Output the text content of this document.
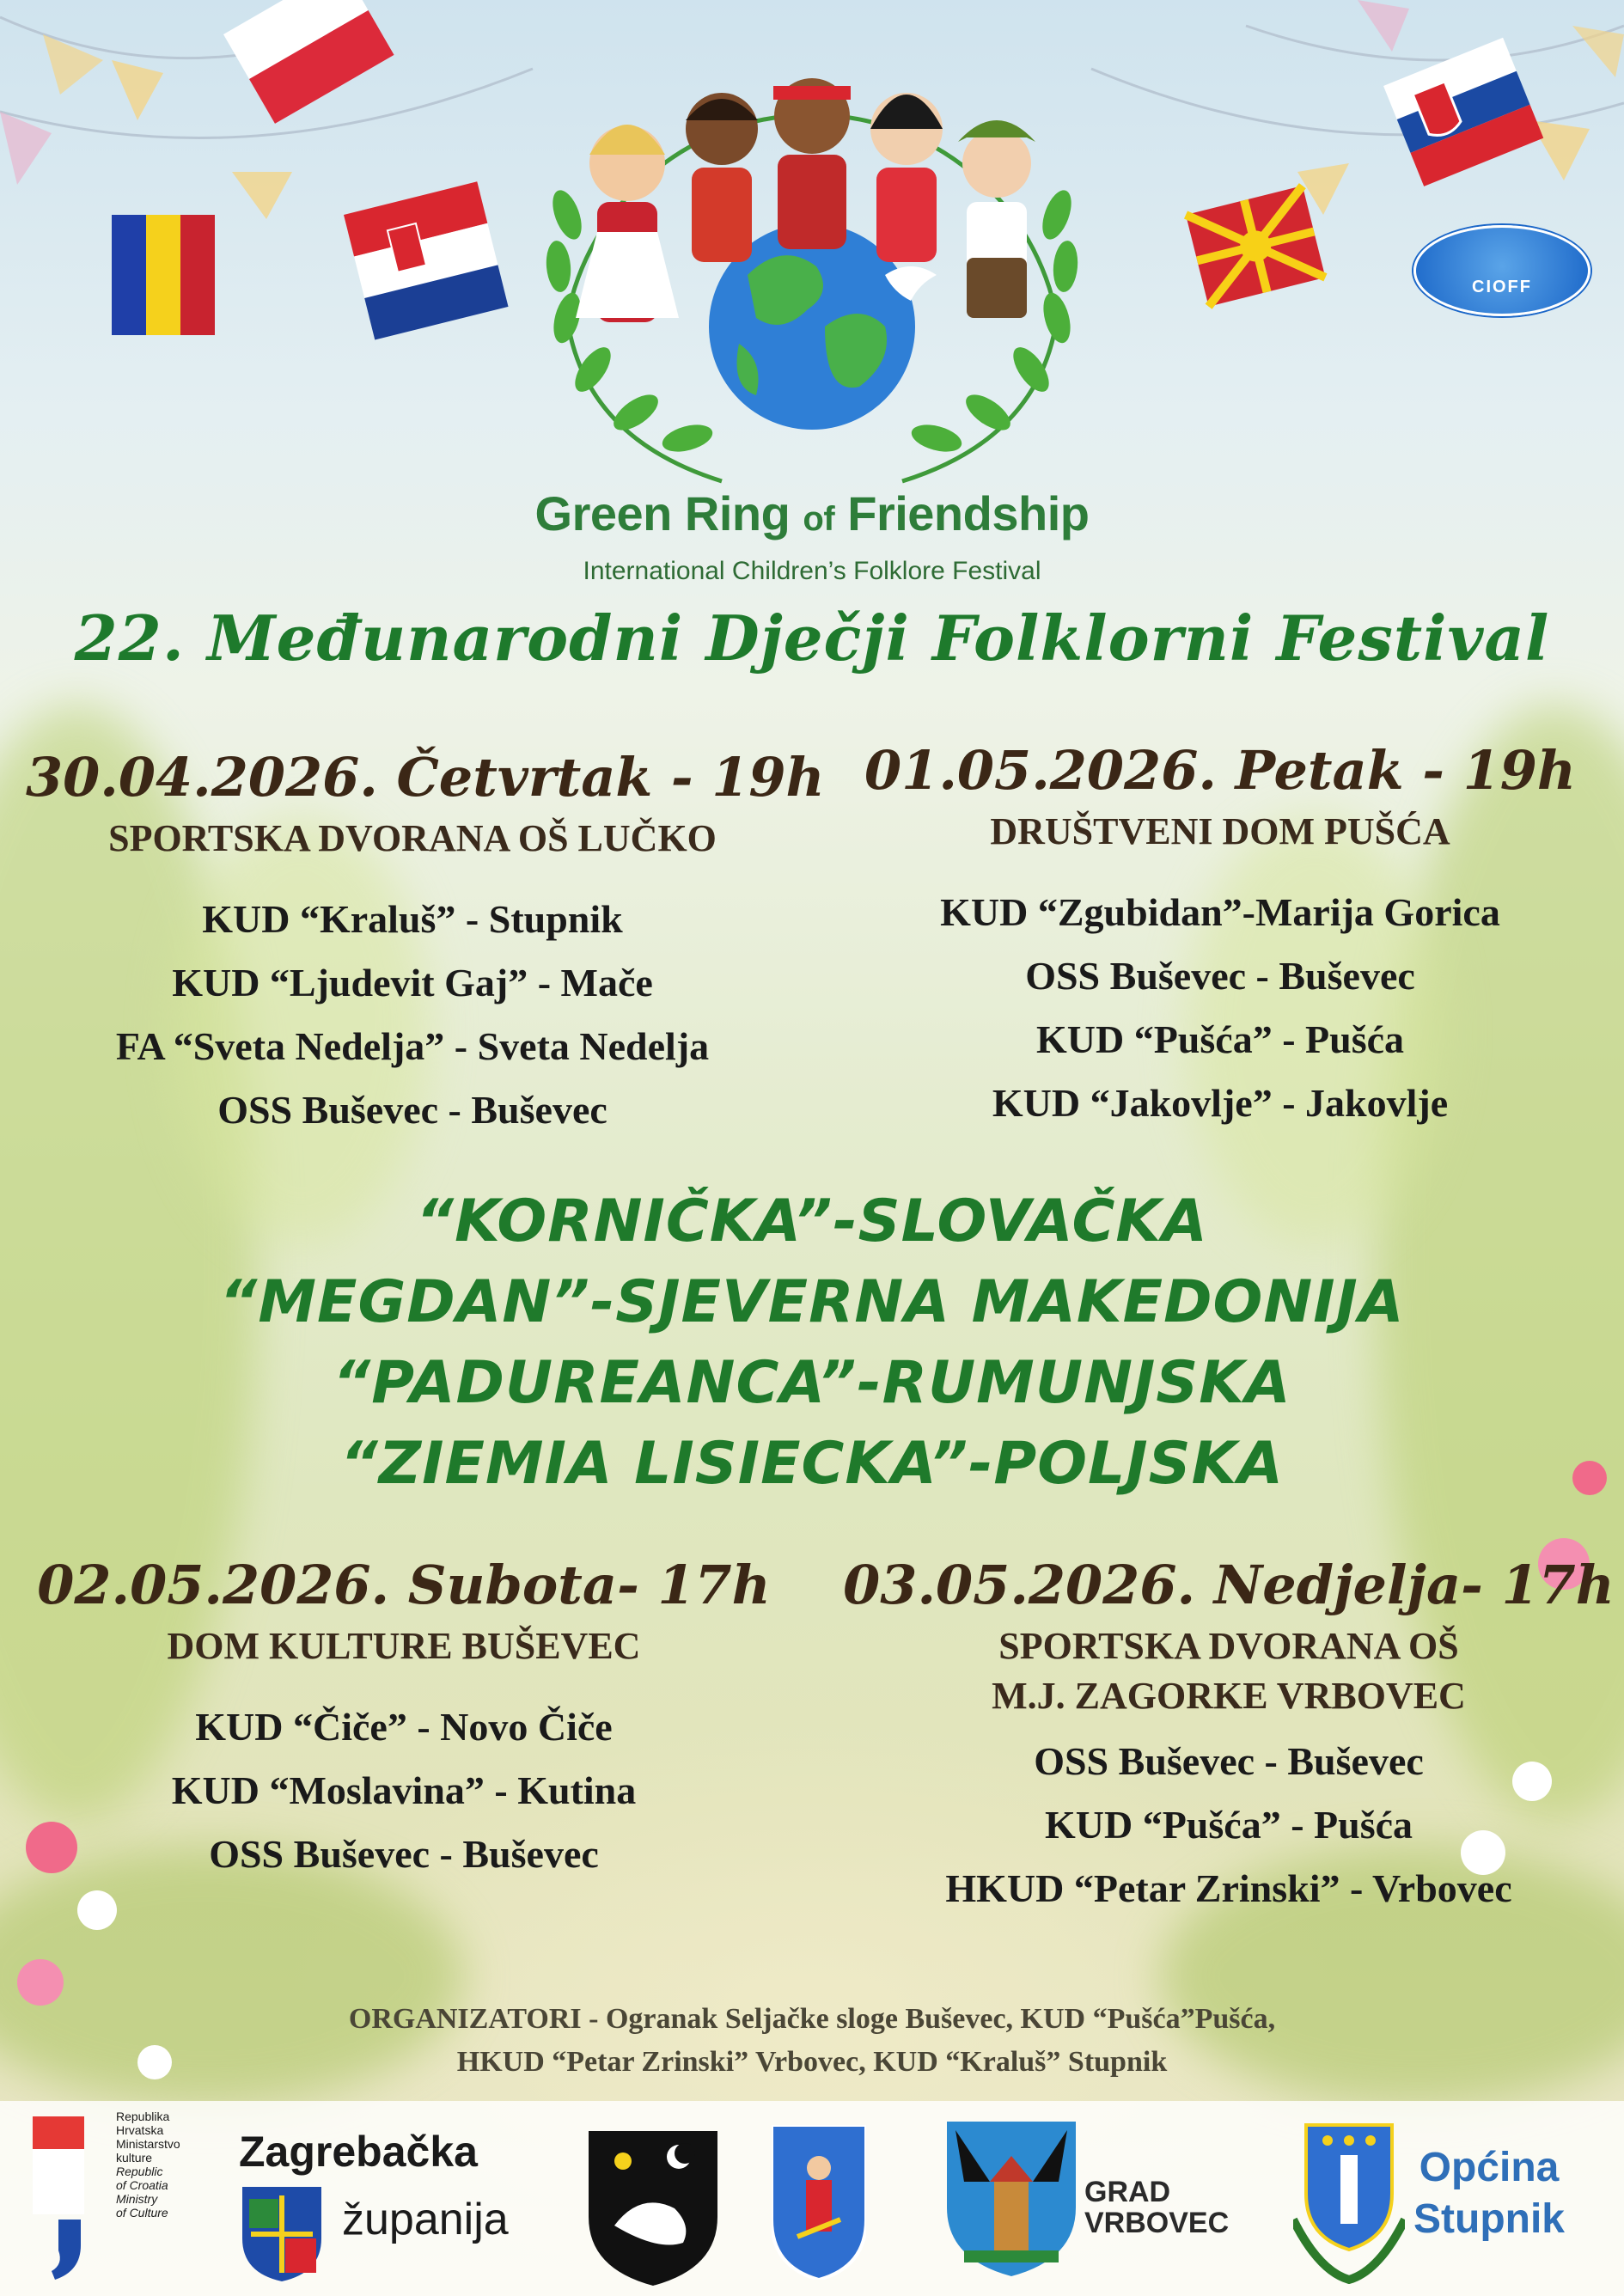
CIOFF
Green Ring of Friendship
International Children’s Folklore Festival
22. Međunarodni Dječji Folklorni Festival
30.04.2026. Četvrtak - 19h
SPORTSKA DVORANA OŠ LUČKO
KUD “Kraluš” - Stupnik
KUD “Ljudevit Gaj” - Mače
FA “Sveta Nedelja” - Sveta Nedelja
OSS Buševec - Buševec
01.05.2026. Petak - 19h
DRUŠTVENI DOM PUŠĆA
KUD “Zgubidan”-Marija Gorica
OSS Buševec - Buševec
KUD “Pušća” - Pušća
KUD “Jakovlje” - Jakovlje
“KORNIČKA”-SLOVAČKA
“MEGDAN”-SJEVERNA MAKEDONIJA
“PADUREANCA”-RUMUNJSKA
“ZIEMIA LISIECKA”-POLJSKA
02.05.2026. Subota- 17h
DOM KULTURE BUŠEVEC
KUD “Čiče” - Novo Čiče
KUD “Moslavina” - Kutina
OSS Buševec - Buševec
03.05.2026. Nedjelja- 17h
SPORTSKA DVORANA OŠ
M.J. ZAGORKE VRBOVEC
OSS Buševec - Buševec
KUD “Pušća” - Pušća
HKUD “Petar Zrinski” - Vrbovec
ORGANIZATORI - Ogranak Seljačke sloge Buševec, KUD “Pušća”Pušća,
HKUD “Petar Zrinski” Vrbovec, KUD “Kraluš” Stupnik
Republika
Hrvatska
Ministarstvo
kulture
Republic
of Croatia
Ministry
of Culture
Zagrebačka
županija
GRAD
VRBOVEC
Općina
Stupnik
